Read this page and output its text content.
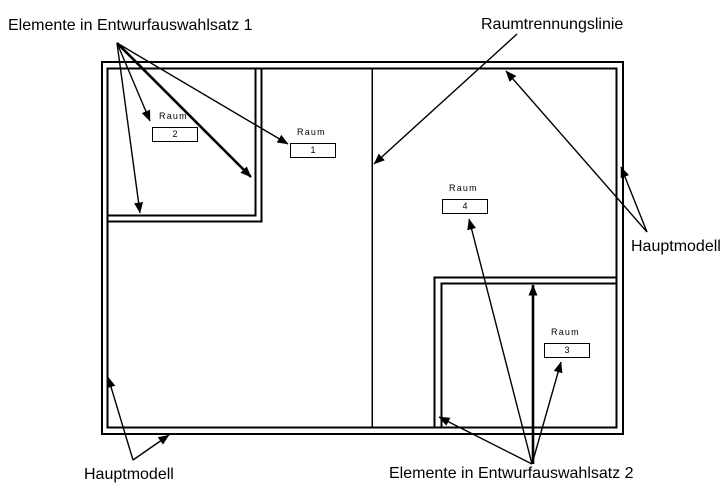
Elemente in Entwurfauswahlsatz 1	Raumtrennungslinie
Hauptmodell
Hauptmodell	Elemente in Entwurfauswahlsatz 2
Raum
1
Raum
2
Raum
3
Raum
4
